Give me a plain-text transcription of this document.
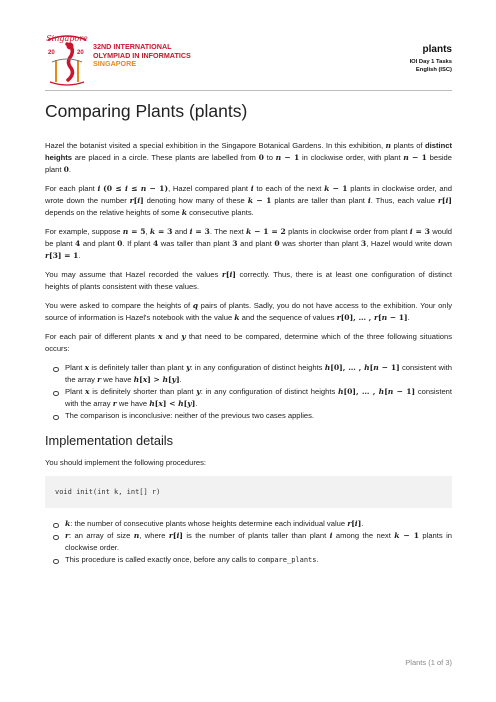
Singapore
20	20
32ND INTERNATIONAL
OLYMPIAD IN INFORMATICS
SINGAPORE
plants
IOI Day 1 Tasks
English (ISC)
Comparing Plants (plants)

Hazel the botanist visited a special exhibition in the Singapore Botanical Gardens. In this exhibition, n plants of distinct heights are placed in a circle. These plants are labelled from 0 to n − 1 in clockwise order, with plant n − 1 beside plant 0.

For each plant i (0 ≤ i ≤ n − 1), Hazel compared plant i to each of the next k − 1 plants in clockwise order, and wrote down the number r[i] denoting how many of these k − 1 plants are taller than plant i. Thus, each value r[i] depends on the relative heights of some k consecutive plants.

For example, suppose n = 5, k = 3 and i = 3. The next k − 1 = 2 plants in clockwise order from plant i = 3 would be plant 4 and plant 0. If plant 4 was taller than plant 3 and plant 0 was shorter than plant 3, Hazel would write down r[3] = 1.

You may assume that Hazel recorded the values r[i] correctly. Thus, there is at least one configuration of distinct heights of plants consistent with these values.

You were asked to compare the heights of q pairs of plants. Sadly, you do not have access to the exhibition. Your only source of information is Hazel's notebook with the value k and the sequence of values r[0], … , r[n − 1].

For each pair of different plants x and y that need to be compared, determine which of the three following situations occurs:

Plant x is definitely taller than plant y: in any configuration of distinct heights h[0], … , h[n − 1] consistent with the array r we have h[x] > h[y].
Plant x is definitely shorter than plant y: in any configuration of distinct heights h[0], … , h[n − 1] consistent with the array r we have h[x] < h[y].
The comparison is inconclusive: neither of the previous two cases applies.
Implementation details

You should implement the following procedures:

void init(int k, int[] r)
k: the number of consecutive plants whose heights determine each individual value r[i].
r: an array of size n, where r[i] is the number of plants taller than plant i among the next k − 1 plants in clockwise order.
This procedure is called exactly once, before any calls to compare_plants.
Plants (1 of 3)
